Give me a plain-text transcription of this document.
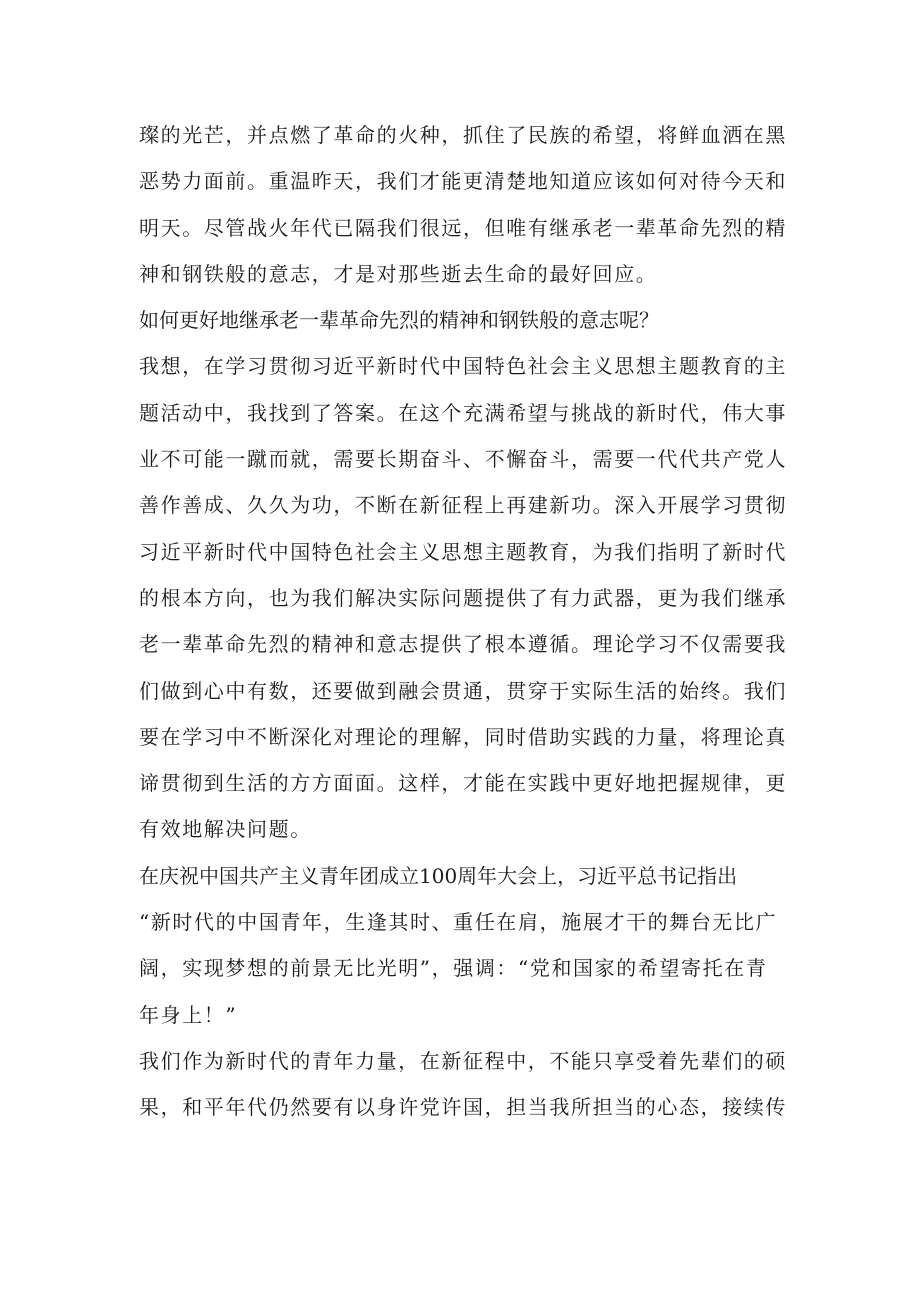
璨的光芒，并点燃了革命的火种，抓住了民族的希望，将鲜血洒在黑
恶势力面前。重温昨天，我们才能更清楚地知道应该如何对待今天和
明天。尽管战火年代已隔我们很远，但唯有继承老一辈革命先烈的精
神和钢铁般的意志，才是对那些逝去生命的最好回应。
如何更好地继承老一辈革命先烈的精神和钢铁般的意志呢？
我想，在学习贯彻习近平新时代中国特色社会主义思想主题教育的主
题活动中，我找到了答案。在这个充满希望与挑战的新时代，伟大事
业不可能一蹴而就，需要长期奋斗、不懈奋斗，需要一代代共产党人
善作善成、久久为功，不断在新征程上再建新功。深入开展学习贯彻
习近平新时代中国特色社会主义思想主题教育，为我们指明了新时代
的根本方向，也为我们解决实际问题提供了有力武器，更为我们继承
老一辈革命先烈的精神和意志提供了根本遵循。理论学习不仅需要我
们做到心中有数，还要做到融会贯通，贯穿于实际生活的始终。我们
要在学习中不断深化对理论的理解，同时借助实践的力量，将理论真
谛贯彻到生活的方方面面。这样，才能在实践中更好地把握规律，更
有效地解决问题。
在庆祝中国共产主义青年团成立100周年大会上，习近平总书记指出
“新时代的中国青年，生逢其时、重任在肩，施展才干的舞台无比广
阔，实现梦想的前景无比光明”，强调：“党和国家的希望寄托在青
年身上！”
我们作为新时代的青年力量，在新征程中，不能只享受着先辈们的硕
果，和平年代仍然要有以身许党许国，担当我所担当的心态，接续传
